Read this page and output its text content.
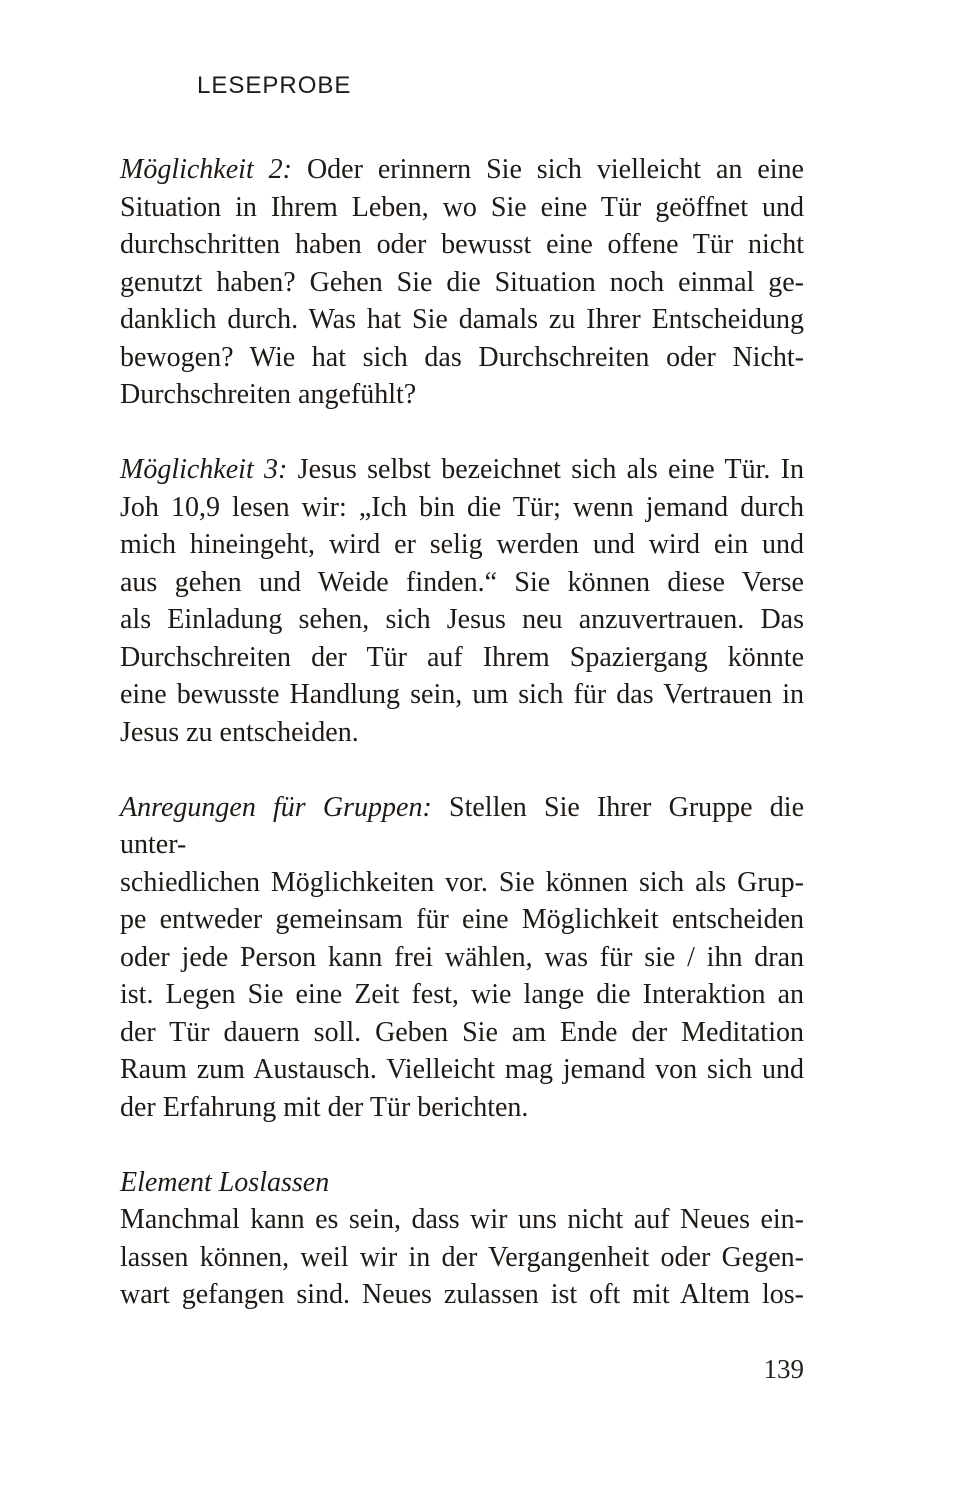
LESEPROBE
Möglichkeit 2: Oder erinnern Sie sich vielleicht an eine
Situation in Ihrem Leben, wo Sie eine Tür geöffnet und
durchschritten haben oder bewusst eine offene Tür nicht
genutzt haben? Gehen Sie die Situation noch einmal ge-
danklich durch. Was hat Sie damals zu Ihrer Entscheidung
bewogen? Wie hat sich das Durchschreiten oder Nicht-
Durchschreiten angefühlt?
Möglichkeit 3: Jesus selbst bezeichnet sich als eine Tür. In
Joh 10,9 lesen wir: „Ich bin die Tür; wenn jemand durch
mich hineingeht, wird er selig werden und wird ein und
aus gehen und Weide finden.“ Sie können diese Verse
als Einladung sehen, sich Jesus neu anzuvertrauen. Das
Durchschreiten der Tür auf Ihrem Spaziergang könnte
eine bewusste Handlung sein, um sich für das Vertrauen in
Jesus zu entscheiden.
Anregungen für Gruppen: Stellen Sie Ihrer Gruppe die unter-
schiedlichen Möglichkeiten vor. Sie können sich als Grup-
pe entweder gemeinsam für eine Möglichkeit entscheiden
oder jede Person kann frei wählen, was für sie / ihn dran
ist. Legen Sie eine Zeit fest, wie lange die Interaktion an
der Tür dauern soll. Geben Sie am Ende der Meditation
Raum zum Austausch. Vielleicht mag jemand von sich und
der Erfahrung mit der Tür berichten.
Element Loslassen
Manchmal kann es sein, dass wir uns nicht auf Neues ein-
lassen können, weil wir in der Vergangenheit oder Gegen-
wart gefangen sind. Neues zulassen ist oft mit Altem los-
139
